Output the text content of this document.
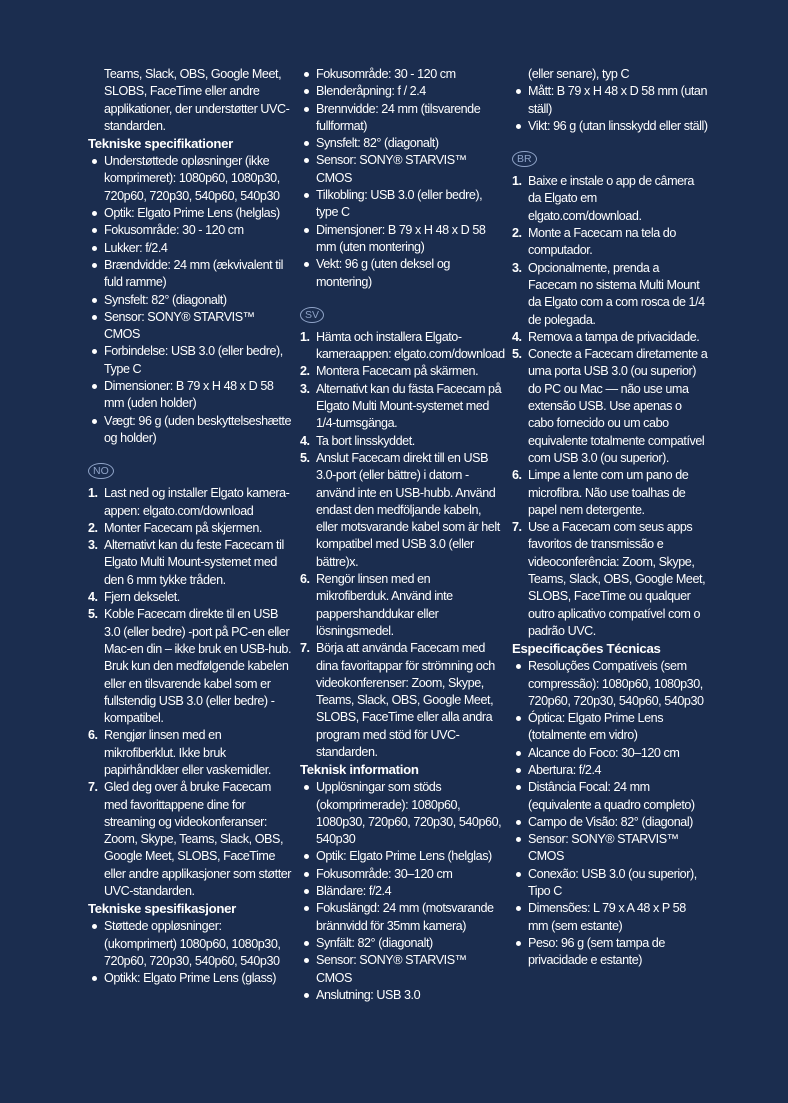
Teams, Slack, OBS, Google Meet, SLOBS, FaceTime eller andre applikationer, der understøtter UVC-standarden.

Tekniske specifikationer
Understøttede opløsninger (ikke komprimeret): 1080p60, 1080p30, 720p60, 720p30, 540p60, 540p30
Optik: Elgato Prime Lens (helglas)
Fokusområde: 30 - 120 cm
Lukker: f/2.4
Brændvidde: 24 mm (ækvivalent til fuld ramme)
Synsfelt: 82° (diagonalt)
Sensor: SONY® STARVIS™ CMOS
Forbindelse: USB 3.0 (eller bedre), Type C
Dimensioner: B 79 x H 48 x D 58 mm (uden holder)
Vægt: 96 g (uden beskyttelseshætte og holder)
NO
1. Last ned og installer Elgato kamera-appen: elgato.com/download
2. Monter Facecam på skjermen.
3. Alternativt kan du feste Facecam til Elgato Multi Mount-systemet med den 6 mm tykke tråden.
4. Fjern dekselet.
5. Koble Facecam direkte til en USB 3.0 (eller bedre) -port på PC-en eller Mac-en din – ikke bruk en USB-hub. Bruk kun den medfølgende kabelen eller en tilsvarende kabel som er fullstendig USB 3.0 (eller bedre) -kompatibel.
6. Rengjør linsen med en mikrofiberklut. Ikke bruk papirhåndklær eller vaskemidler.
7. Gled deg over å bruke Facecam med favorittappene dine for streaming og videokonferanser: Zoom, Skype, Teams, Slack, OBS, Google Meet, SLOBS, FaceTime eller andre applikasjoner som støtter UVC-standarden.
Tekniske spesifikasjoner
Støttede oppløsninger: (ukomprimert) 1080p60, 1080p30, 720p60, 720p30, 540p60, 540p30
Optikk: Elgato Prime Lens (glass)
Fokusområde: 30 - 120 cm
Blenderåpning: f / 2.4
Brennvidde: 24 mm (tilsvarende fullformat)
Synsfelt: 82° (diagonalt)
Sensor: SONY® STARVIS™ CMOS
Tilkobling: USB 3.0 (eller bedre), type C
Dimensjoner: B 79 x H 48 x D 58 mm (uten montering)
Vekt: 96 g (uten deksel og montering)
SV
1. Hämta och installera Elgato-kameraappen: elgato.com/download
2. Montera Facecam på skärmen.
3. Alternativt kan du fästa Facecam på Elgato Multi Mount-systemet med 1/4-tumsgänga.
4. Ta bort linsskyddet.
5. Anslut Facecam direkt till en USB 3.0-port (eller bättre) i datorn - använd inte en USB-hubb. Använd endast den medföljande kabeln, eller motsvarande kabel som är helt kompatibel med USB 3.0 (eller bättre)x.
6. Rengör linsen med en mikrofiberduk. Använd inte pappershanddukar eller lösningsmedel.
7. Börja att använda Facecam med dina favoritappar för strömning och videokonferenser: Zoom, Skype, Teams, Slack, OBS, Google Meet, SLOBS, FaceTime eller alla andra program med stöd för UVC-standarden.
Teknisk information
Upplösningar som stöds (okomprimerade): 1080p60, 1080p30, 720p60, 720p30, 540p60, 540p30
Optik: Elgato Prime Lens (helglas)
Fokusområde: 30–120 cm
Bländare: f/2.4
Fokuslängd: 24 mm (motsvarande brännvidd för 35mm kamera)
Synfält: 82° (diagonalt)
Sensor: SONY® STARVIS™ CMOS
Anslutning: USB 3.0

(eller senare), typ C

Mått: B 79 x H 48 x D 58 mm (utan ställ)
Vikt: 96 g (utan linsskydd eller ställ)
BR
1. Baixe e instale o app de câmera da Elgato em elgato.com/download.
2. Monte a Facecam na tela do computador.
3. Opcionalmente, prenda a Facecam no sistema Multi Mount da Elgato com a com rosca de 1/4 de polegada.
4. Remova a tampa de privacidade.
5. Conecte a Facecam diretamente a uma porta USB 3.0 (ou superior) do PC ou Mac — não use uma extensão USB. Use apenas o cabo fornecido ou um cabo equivalente totalmente compatível com USB 3.0 (ou superior).
6. Limpe a lente com um pano de microfibra. Não use toalhas de papel nem detergente.
7. Use a Facecam com seus apps favoritos de transmissão e videoconferência: Zoom, Skype, Teams, Slack, OBS, Google Meet, SLOBS, FaceTime ou qualquer outro aplicativo compatível com o padrão UVC.
Especificações Técnicas
Resoluções Compatíveis (sem compressão): 1080p60, 1080p30, 720p60, 720p30, 540p60, 540p30
Óptica: Elgato Prime Lens (totalmente em vidro)
Alcance do Foco: 30–120 cm
Abertura: f/2.4
Distância Focal: 24 mm (equivalente a quadro completo)
Campo de Visão: 82° (diagonal)
Sensor: SONY® STARVIS™ CMOS
Conexão: USB 3.0 (ou superior), Tipo C
Dimensões: L 79 x A 48 x P 58 mm (sem estante)
Peso: 96 g (sem tampa de privacidade e estante)
